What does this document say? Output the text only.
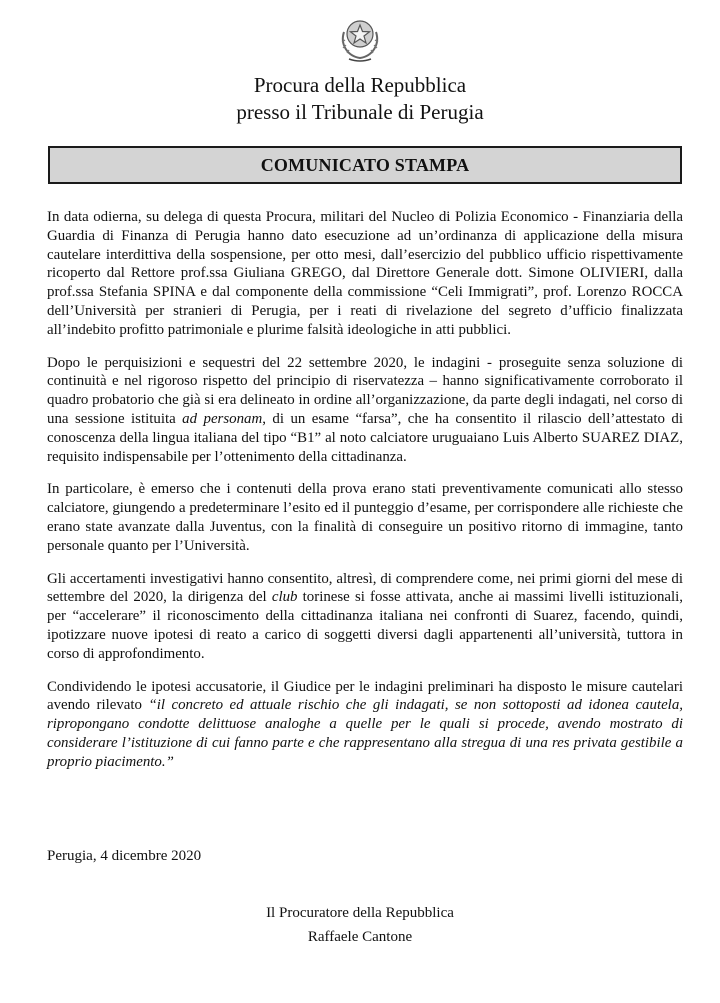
Procura della Repubblica
presso il Tribunale di Perugia
COMUNICATO STAMPA

In data odierna, su delega di questa Procura, militari del Nucleo di Polizia Economico - Finanziaria della Guardia di Finanza di Perugia hanno dato esecuzione ad un’ordinanza di applicazione della misura cautelare interdittiva della sospensione, per otto mesi, dall’esercizio del pubblico ufficio rispettivamente ricoperto dal Rettore prof.ssa Giuliana GREGO, dal Direttore Generale dott. Simone OLIVIERI, dalla prof.ssa Stefania SPINA e dal componente della commissione “Celi Immigrati”, prof. Lorenzo ROCCA dell’Università per stranieri di Perugia, per i reati di rivelazione del segreto d’ufficio finalizzata all’indebito profitto patrimoniale e plurime falsità ideologiche in atti pubblici.

Dopo le perquisizioni e sequestri del 22 settembre 2020, le indagini - proseguite senza soluzione di continuità e nel rigoroso rispetto del principio di riservatezza – hanno significativamente corroborato il quadro probatorio che già si era delineato in ordine all’organizzazione, da parte degli indagati, nel corso di una sessione istituita ad personam, di un esame “farsa”, che ha consentito il rilascio dell’attestato di conoscenza della lingua italiana del tipo “B1” al noto calciatore uruguaiano Luis Alberto SUAREZ DIAZ, requisito indispensabile per l’ottenimento della cittadinanza.

In particolare, è emerso che i contenuti della prova erano stati preventivamente comunicati allo stesso calciatore, giungendo a predeterminare l’esito ed il punteggio d’esame, per corrispondere alle richieste che erano state avanzate dalla Juventus, con la finalità di conseguire un positivo ritorno di immagine, tanto personale quanto per l’Università.

Gli accertamenti investigativi hanno consentito, altresì, di comprendere come, nei primi giorni del mese di settembre del 2020, la dirigenza del club torinese si fosse attivata, anche ai massimi livelli istituzionali, per “accelerare” il riconoscimento della cittadinanza italiana nei confronti di Suarez, facendo, quindi, ipotizzare nuove ipotesi di reato a carico di soggetti diversi dagli appartenenti all’università, tuttora in corso di approfondimento.

Condividendo le ipotesi accusatorie, il Giudice per le indagini preliminari ha disposto le misure cautelari avendo rilevato “il concreto ed attuale rischio che gli indagati, se non sottoposti ad idonea cautela, ripropongano condotte delittuose analoghe a quelle per le quali si procede, avendo mostrato di considerare l’istituzione di cui fanno parte e che rappresentano alla stregua di una res privata gestibile a proprio piacimento.”

Perugia, 4 dicembre 2020
Il Procuratore della Repubblica
Raffaele Cantone
